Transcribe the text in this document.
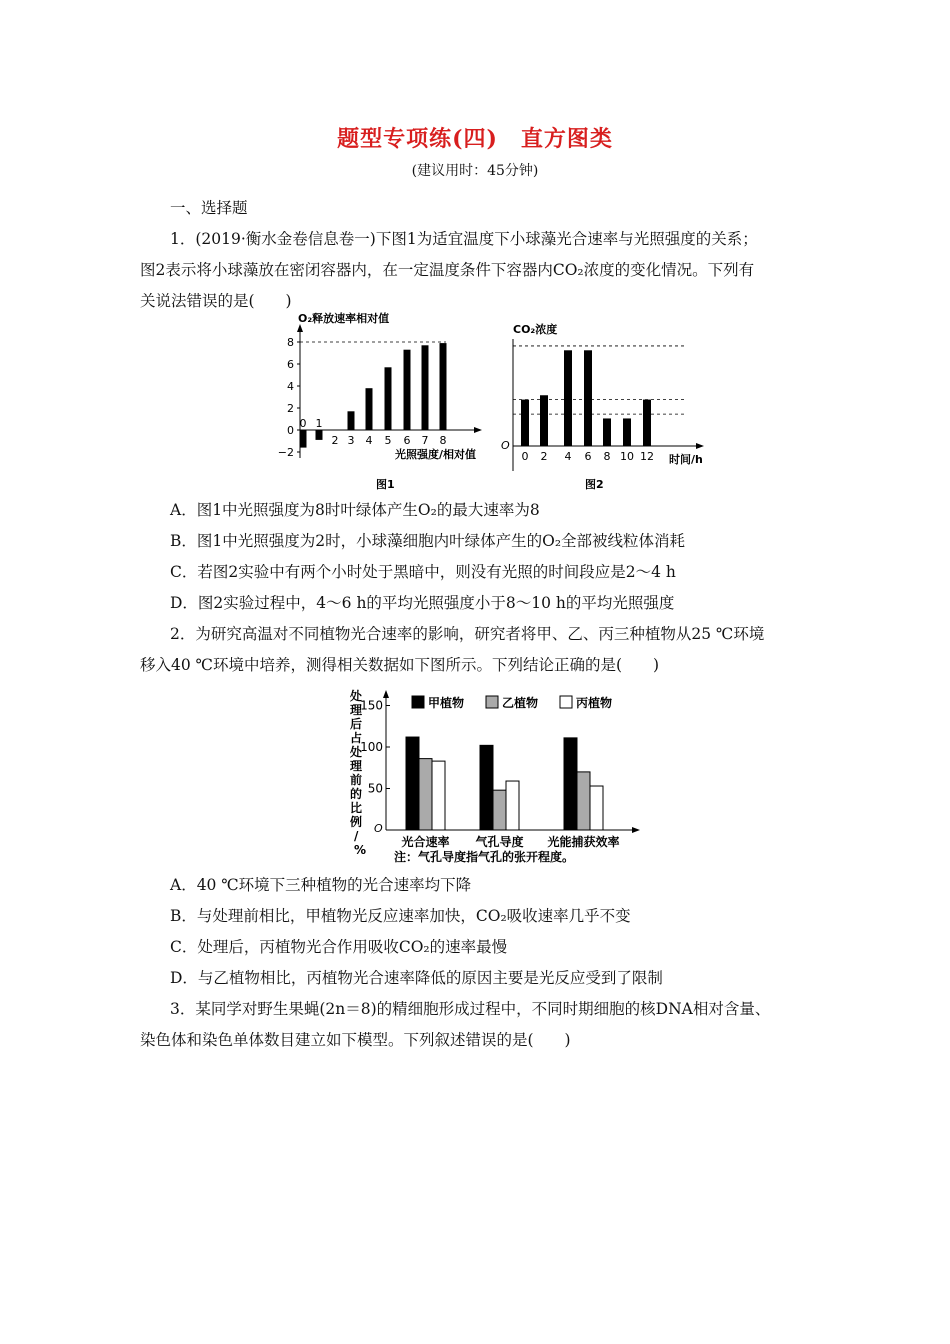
题型专项练(四)　直方图类
(建议用时：45分钟)
一、选择题
1．(2019·衡水金卷信息卷一)下图1为适宜温度下小球藻光合速率与光照强度的关系；
图2表示将小球藻放在密闭容器内，在一定温度条件下容器内CO₂浓度的变化情况。下列有
关说法错误的是(　　)
O₂释放速率相对值
8
6
4
2
0
−2
0 1
2 3 4 5 6 7 8
光照强度/相对值
图1
CO₂浓度
O
0 2 4 6 8 10 12 时间/h
图2
A．图1中光照强度为8时叶绿体产生O₂的最大速率为8
B．图1中光照强度为2时，小球藻细胞内叶绿体产生的O₂全部被线粒体消耗
C．若图2实验中有两个小时处于黑暗中，则没有光照的时间段应是2～4 h
D．图2实验过程中，4～6 h的平均光照强度小于8～10 h的平均光照强度
2．为研究高温对不同植物光合速率的影响，研究者将甲、乙、丙三种植物从25 ℃环境
移入40 ℃环境中培养，测得相关数据如下图所示。下列结论正确的是(　　)
处理后占处理前的比例/ %
O
150
100
50
甲植物	乙植物	丙植物
光合速率 气孔导度 光能捕获效率
注：气孔导度指气孔的张开程度。
A．40 ℃环境下三种植物的光合速率均下降
B．与处理前相比，甲植物光反应速率加快，CO₂吸收速率几乎不变
C．处理后，丙植物光合作用吸收CO₂的速率最慢
D．与乙植物相比，丙植物光合速率降低的原因主要是光反应受到了限制
3．某同学对野生果蝇(2n＝8)的精细胞形成过程中，不同时期细胞的核DNA相对含量、
染色体和染色单体数目建立如下模型。下列叙述错误的是(　　)
